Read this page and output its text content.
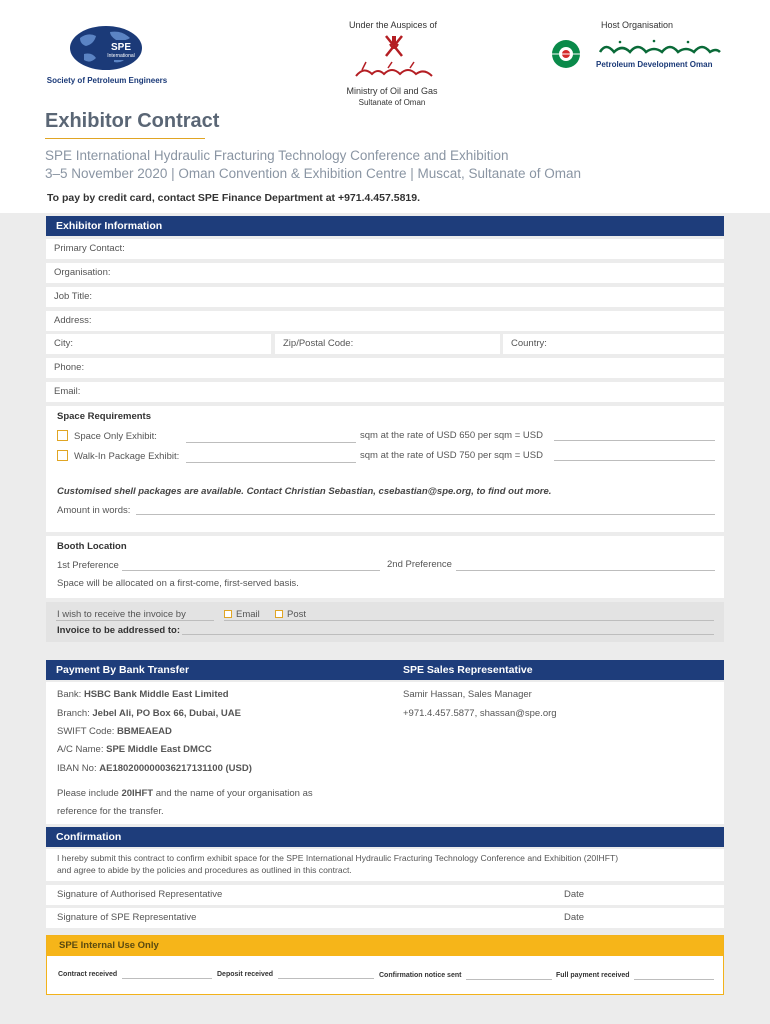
Under the Auspices of	Host Organisation
SPE
International
Society of Petroleum Engineers
Ministry of Oil and Gas
Sultanate of Oman
Petroleum Development Oman
Exhibitor Contract
SPE International Hydraulic Fracturing Technology Conference and Exhibition
3–5 November 2020 | Oman Convention & Exhibition Centre | Muscat, Sultanate of Oman
To pay by credit card, contact SPE Finance Department at +971.4.457.5819.
Exhibitor Information
Primary Contact:
Organisation:
Job Title:
Address:
City:	Zip/Postal Code:	Country:
Phone:
Email:
Space Requirements
Space Only Exhibit:	sqm at the rate of USD 650 per sqm = USD
Walk-In Package Exhibit:	sqm at the rate of USD 750 per sqm = USD
Customised shell packages are available. Contact Christian Sebastian, csebastian@spe.org, to find out more.
Amount in words:
Booth Location
1st Preference	2nd Preference
Space will be allocated on a first-come, first-served basis.
I wish to receive the invoice by	Email	Post
Invoice to be addressed to:
Payment By Bank Transfer	SPE Sales Representative
Bank: HSBC Bank Middle East Limited
Branch: Jebel Ali, PO Box 66, Dubai, UAE
SWIFT Code: BBMEAEAD
A/C Name: SPE Middle East DMCC
IBAN No: AE180200000036217131100 (USD)
Please include 20IHFT and the name of your organisation as
reference for the transfer.
Samir Hassan, Sales Manager
+971.4.457.5877, shassan@spe.org
Confirmation
I hereby submit this contract to confirm exhibit space for the SPE International Hydraulic Fracturing Technology Conference and Exhibition (20IHFT)
and agree to abide by the policies and procedures as outlined in this contract.
Signature of Authorised Representative	Date
Signature of SPE Representative	Date
SPE Internal Use Only
Contract received	Deposit received	Confirmation notice sent	Full payment received
